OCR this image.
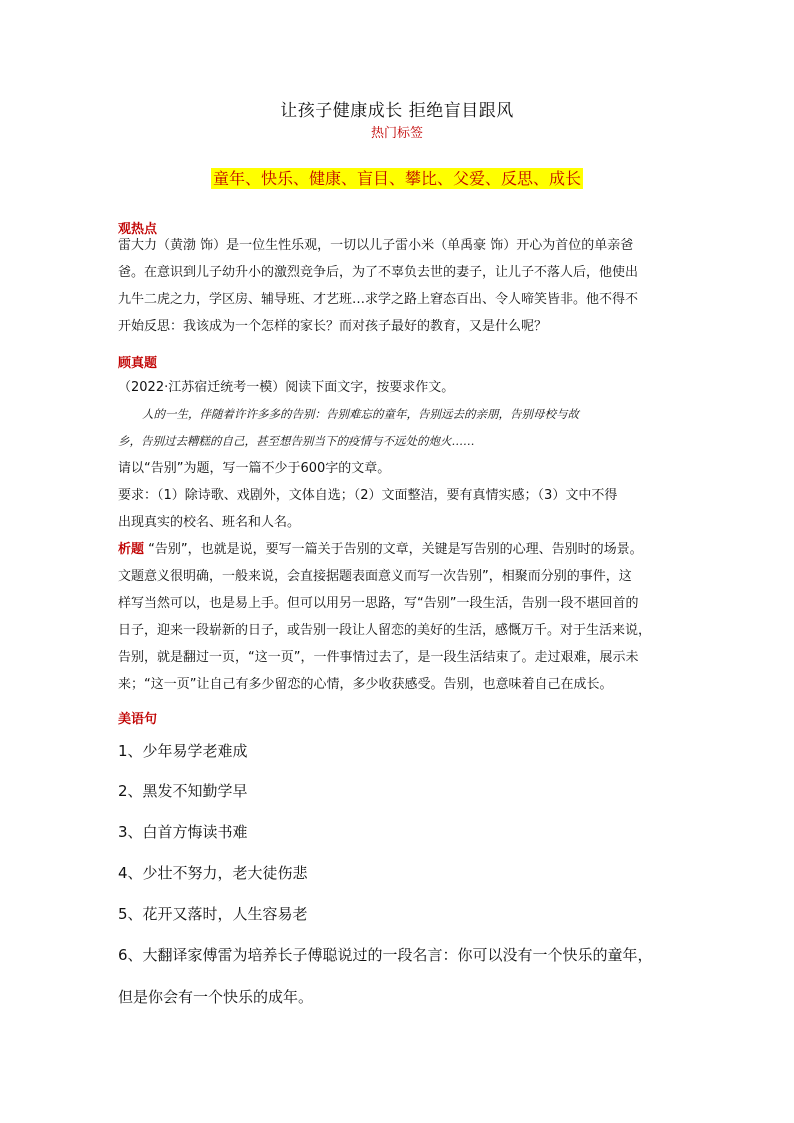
让孩子健康成长 拒绝盲目跟风
热门标签
童年、快乐、健康、盲目、攀比、父爱、反思、成长
观热点
雷大力（黄渤 饰）是一位生性乐观，一切以儿子雷小米（单禹豪 饰）开心为首位的单亲爸
爸。在意识到儿子幼升小的激烈竞争后，为了不辜负去世的妻子，让儿子不落人后，他使出
九牛二虎之力，学区房、辅导班、才艺班…求学之路上窘态百出、令人啼笑皆非。他不得不
开始反思：我该成为一个怎样的家长？而对孩子最好的教育，又是什么呢？
顾真题
（2022·江苏宿迁统考一模）阅读下面文字，按要求作文。
人的一生，伴随着许许多多的告别：告别难忘的童年，告别远去的亲朋，告别母校与故
乡，告别过去糟糕的自己，甚至想告别当下的疫情与不远处的炮火……
请以“告别”为题，写一篇不少于600字的文章。
要求：（1）除诗歌、戏剧外，文体自选；（2）文面整洁，要有真情实感；（3）文中不得
出现真实的校名、班名和人名。
析题 “告别”，也就是说，要写一篇关于告别的文章，关键是写告别的心理、告别时的场景。
文题意义很明确，一般来说，会直接据题表面意义而写一次告别”，相聚而分别的事件，这
样写当然可以，也是易上手。但可以用另一思路，写“告别”一段生活，告别一段不堪回首的
日子，迎来一段崭新的日子，或告别一段让人留恋的美好的生活，感慨万千。对于生活来说，
告别，就是翻过一页，“这一页”，一件事情过去了，是一段生活结束了。走过艰难，展示未
来；“这一页”让自己有多少留恋的心情，多少收获感受。告别，也意味着自己在成长。
美语句
1、少年易学老难成
2、黑发不知勤学早
3、白首方悔读书难
4、少壮不努力，老大徒伤悲
5、花开又落时，人生容易老
6、大翻译家傅雷为培养长子傅聪说过的一段名言：你可以没有一个快乐的童年，
但是你会有一个快乐的成年。
